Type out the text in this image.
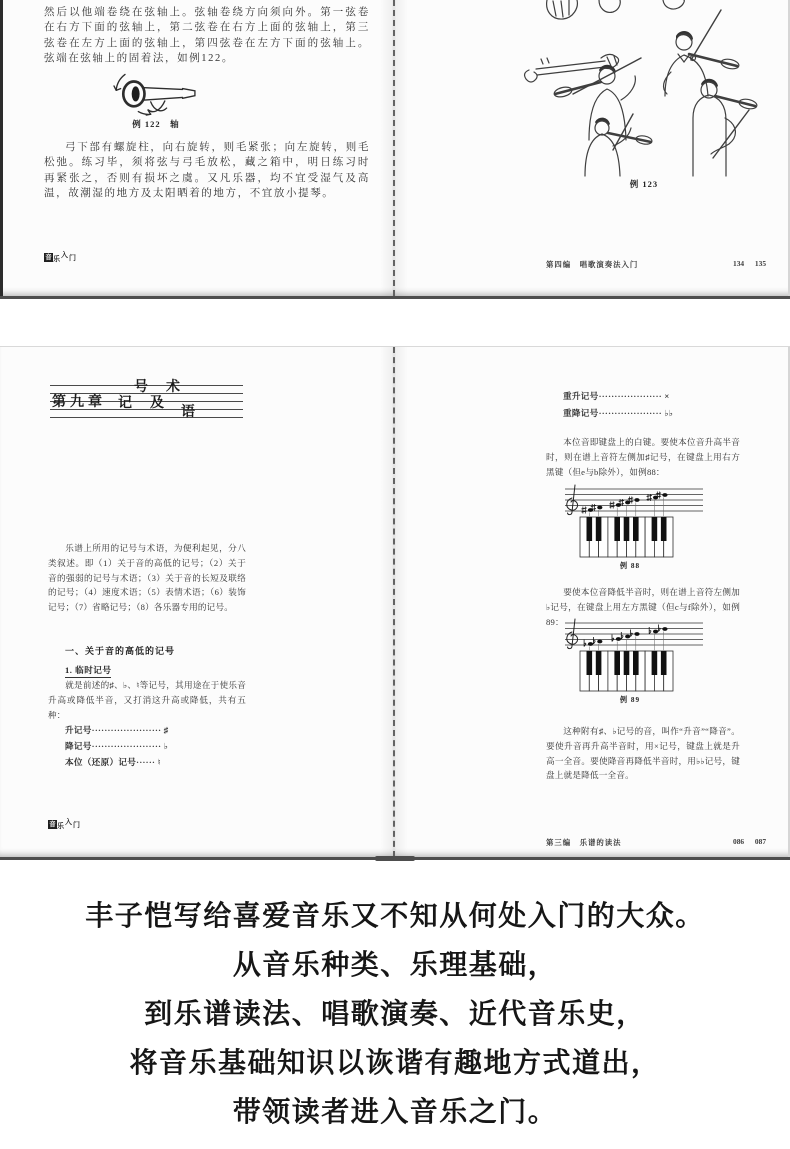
然后以他端卷绕在弦轴上。弦轴卷绕方向须向外。第一弦卷在右方下面的弦轴上，第二弦卷在右方上面的弦轴上，第三弦卷在左方上面的弦轴上，第四弦卷在左方下面的弦轴上。弦端在弦轴上的固着法，如例122。

例 122　轴

弓下部有螺旋柱，向右旋转，则毛紧张；向左旋转，则毛松弛。练习毕，须将弦与弓毛放松，藏之箱中，明日练习时再紧张之，否则有损坏之虞。又凡乐器，均不宜受湿气及高温，故潮湿的地方及太阳晒着的地方，不宜放小提琴。

音乐入门
例 123
第四编　唱歌演奏法入门	134 135
第九章 记
号
及
术
语

乐谱上所用的记号与术语，为便利起见，分八类叙述。即（1）关于音的高低的记号；（2）关于音的强弱的记号与术语；（3）关于音的长短及联络的记号；（4）速度术语；（5）表情术语；（6）装饰记号；（7）省略记号；（8）各乐器专用的记号。

一、关于音的高低的记号
1. 临时记号

就是前述的♯、♭、♮等记号，其用途在于使乐音升高或降低半音，又打消这升高或降低，共有五种：

升记号······················ ♯
降记号······················ ♭
本位（还原）记号······ ♮
音乐入门
重升记号···················· ×
重降记号···················· ♭♭

本位音即键盘上的白键。要使本位音升高半音时，则在谱上音符左侧加♯记号，在键盘上用右方黑键（但e与b除外），如例88：

例 88

要使本位音降低半音时，则在谱上音符左侧加♭记号，在键盘上用左方黑键（但c与f除外），如例89：

例 89

这种附有♯、♭记号的音，叫作“升音”“降音”。要使升音再升高半音时，用×记号，键盘上就是升高一全音。要使降音再降低半音时，用♭♭记号，键盘上就是降低一全音。

第三编　乐谱的读法	086 087
丰子恺写给喜爱音乐又不知从何处入门的大众。
从音乐种类、乐理基础，
到乐谱读法、唱歌演奏、近代音乐史，
将音乐基础知识以诙谐有趣地方式道出，
带领读者进入音乐之门。
